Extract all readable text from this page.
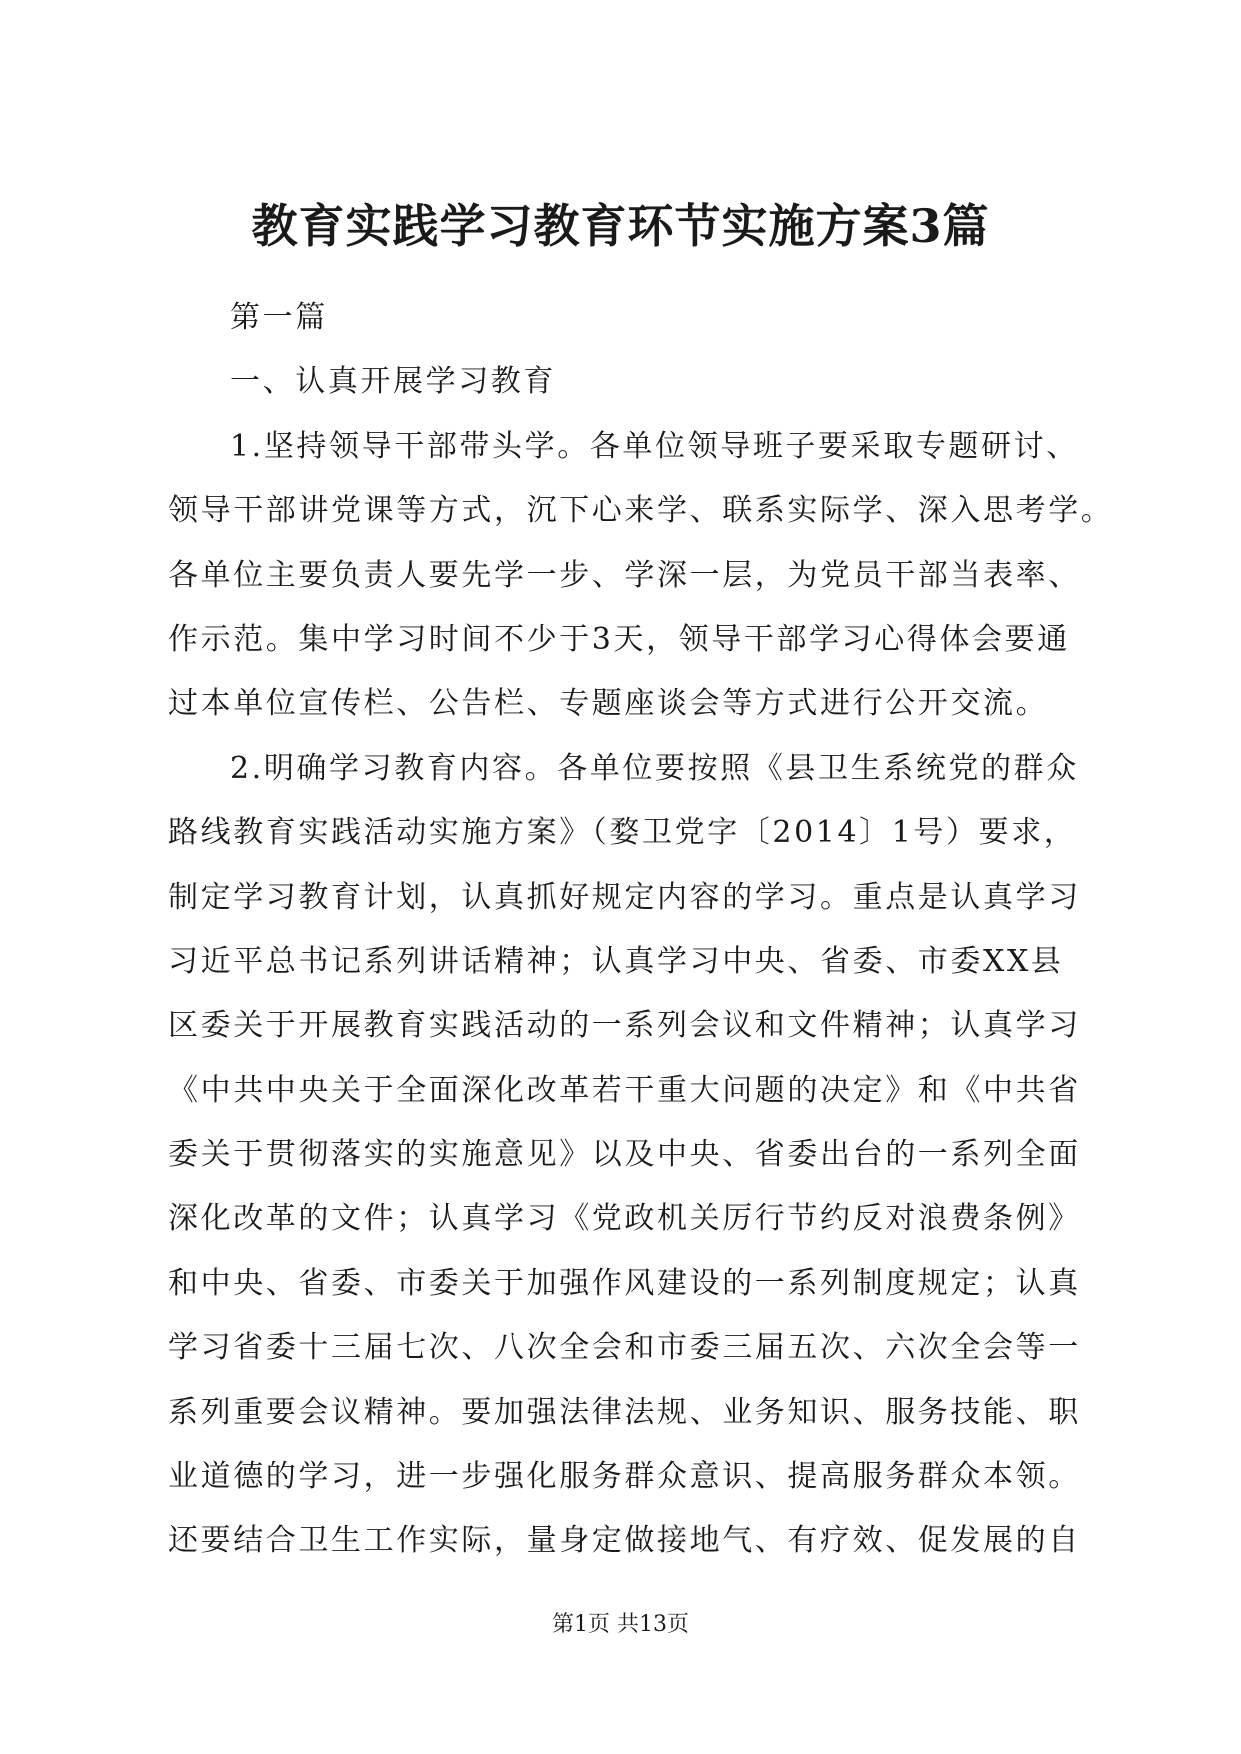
教育实践学习教育环节实施方案3篇
第一篇
一、认真开展学习教育
1.坚持领导干部带头学。各单位领导班子要采取专题研讨、
领导干部讲党课等方式，沉下心来学、联系实际学、深入思考学。
各单位主要负责人要先学一步、学深一层，为党员干部当表率、
作示范。集中学习时间不少于3天，领导干部学习心得体会要通
过本单位宣传栏、公告栏、专题座谈会等方式进行公开交流。
2.明确学习教育内容。各单位要按照《县卫生系统党的群众
路线教育实践活动实施方案》（婺卫党字〔2014〕1号）要求，
制定学习教育计划，认真抓好规定内容的学习。重点是认真学习
习近平总书记系列讲话精神；认真学习中央、省委、市委XX县
区委关于开展教育实践活动的一系列会议和文件精神；认真学习
《中共中央关于全面深化改革若干重大问题的决定》和《中共省
委关于贯彻落实的实施意见》以及中央、省委出台的一系列全面
深化改革的文件；认真学习《党政机关厉行节约反对浪费条例》
和中央、省委、市委关于加强作风建设的一系列制度规定；认真
学习省委十三届七次、八次全会和市委三届五次、六次全会等一
系列重要会议精神。要加强法律法规、业务知识、服务技能、职
业道德的学习，进一步强化服务群众意识、提高服务群众本领。
还要结合卫生工作实际，量身定做接地气、有疗效、促发展的自
第1页 共13页
